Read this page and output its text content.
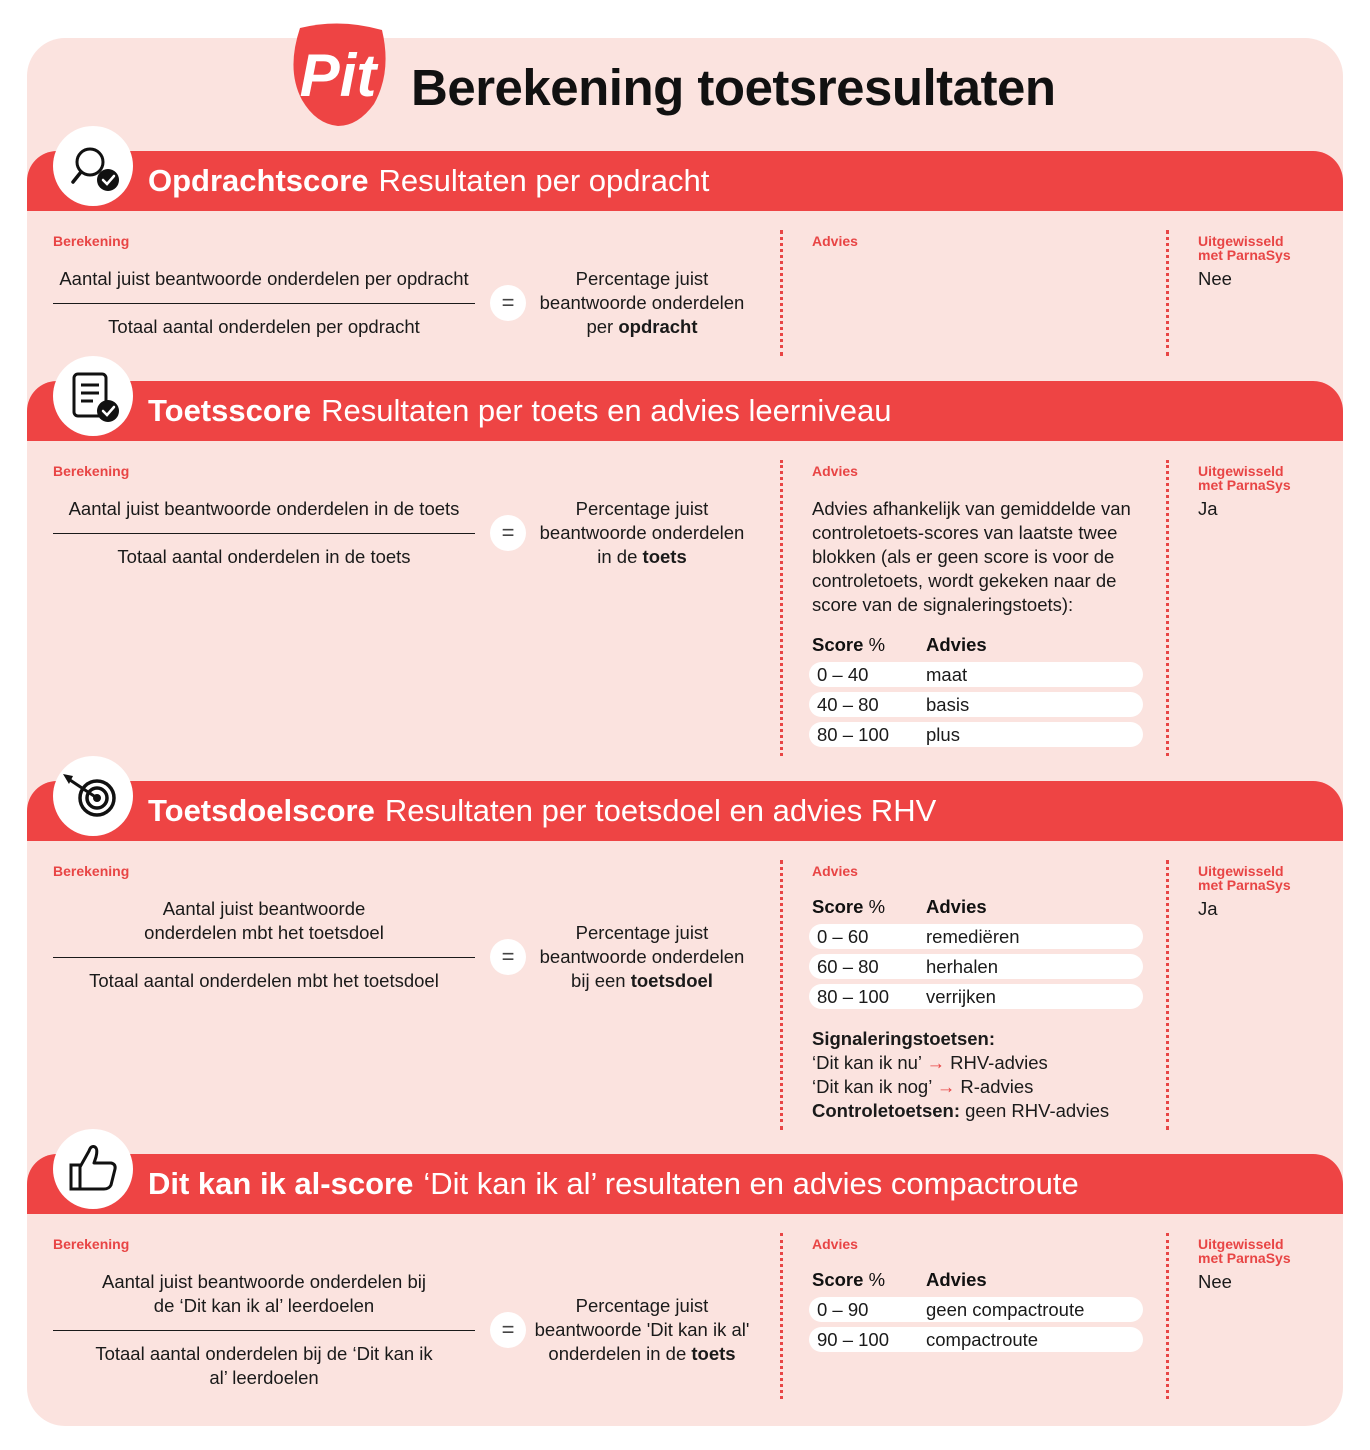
Pit Berekening toetsresultaten
Opdrachtscore Resultaten per opdracht
Berekening
Aantal juist beantwoorde onderdelen per opdracht
Totaal aantal onderdelen per opdracht
=
Percentage juist beantwoorde onderdelen per opdracht
Advies	Uitgewisseld met ParnaSys
Nee
Toetsscore Resultaten per toets en advies leerniveau
Berekening
Aantal juist beantwoorde onderdelen in de toets
Totaal aantal onderdelen in de toets
=
Percentage juist beantwoorde onderdelen in de toets
Advies
Advies afhankelijk van gemiddelde van controletoets-scores van laatste twee blokken (als er geen score is voor de controletoets, wordt gekeken naar de score van de signaleringstoets):
Score % Advies
0 – 40	maat
40 – 80	basis
80 – 100 plus
Uitgewisseld met ParnaSys
Ja
Toetsdoelscore Resultaten per toetsdoel en advies RHV
Berekening
Aantal juist beantwoorde onderdelen mbt het toetsdoel
Totaal aantal onderdelen mbt het toetsdoel
=
Percentage juist beantwoorde onderdelen bij een toetsdoel
Advies
Score % Advies
0 – 60	remediëren
60 – 80	herhalen
80 – 100 verrijken
Signaleringstoetsen:
‘Dit kan ik nu’ → RHV-advies
‘Dit kan ik nog’ → R-advies
Controletoetsen: geen RHV-advies
Uitgewisseld met ParnaSys
Ja
Dit kan ik al-score ‘Dit kan ik al’ resultaten en advies compactroute
Berekening
Aantal juist beantwoorde onderdelen bij de ‘Dit kan ik al’ leerdoelen
Totaal aantal onderdelen bij de ‘Dit kan ik al’ leerdoelen
=
Percentage juist beantwoorde 'Dit kan ik al' onderdelen in de toets
Advies
Score % Advies
0 – 90	geen compactroute
90 – 100 compactroute
Uitgewisseld met ParnaSys
Nee
